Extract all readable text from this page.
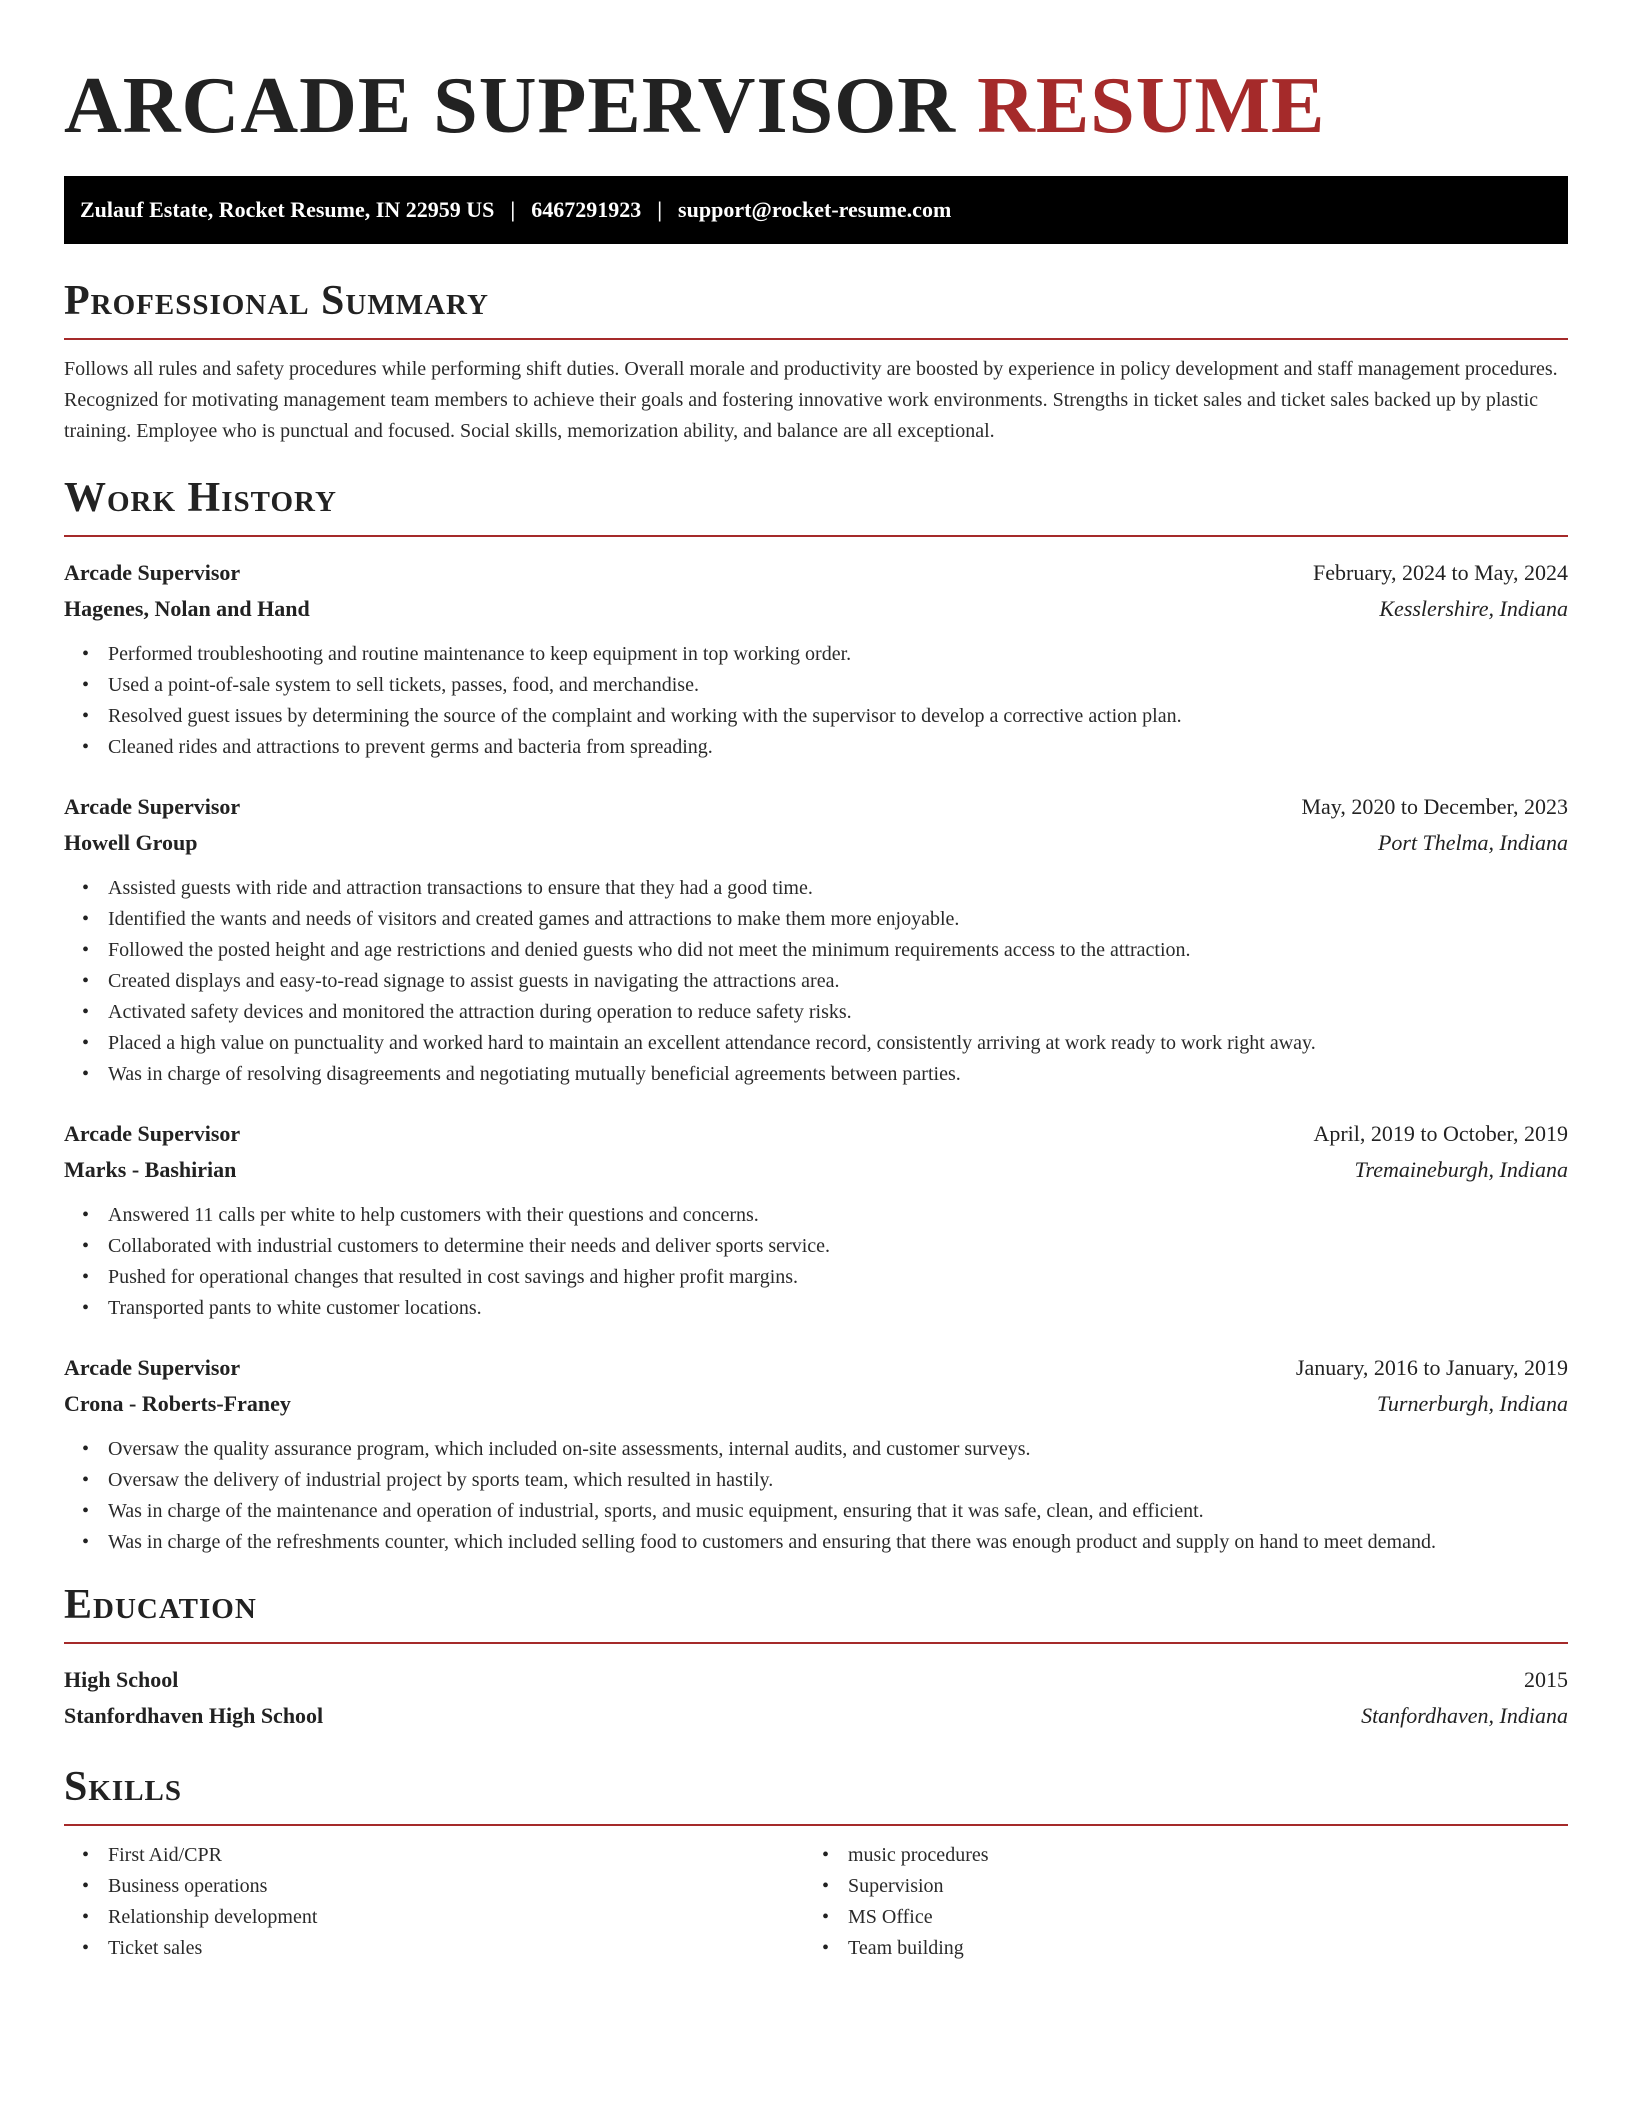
ARCADE SUPERVISOR RESUME
Zulauf Estate, Rocket Resume, IN 22959 US | 6467291923 | support@rocket-resume.com
Professional Summary

Follows all rules and safety procedures while performing shift duties. Overall morale and productivity are boosted by experience in policy development and staff management procedures. Recognized for motivating management team members to achieve their goals and fostering innovative work environments. Strengths in ticket sales and ticket sales backed up by plastic training. Employee who is punctual and focused. Social skills, memorization ability, and balance are all exceptional.

Work History
Arcade Supervisor	February, 2024 to May, 2024
Hagenes, Nolan and Hand	Kesslershire, Indiana
• Performed troubleshooting and routine maintenance to keep equipment in top working order.
• Used a point-of-sale system to sell tickets, passes, food, and merchandise.
• Resolved guest issues by determining the source of the complaint and working with the supervisor to develop a corrective action plan.
• Cleaned rides and attractions to prevent germs and bacteria from spreading.
Arcade Supervisor	May, 2020 to December, 2023
Howell Group	Port Thelma, Indiana
• Assisted guests with ride and attraction transactions to ensure that they had a good time.
• Identified the wants and needs of visitors and created games and attractions to make them more enjoyable.
• Followed the posted height and age restrictions and denied guests who did not meet the minimum requirements access to the attraction.
• Created displays and easy-to-read signage to assist guests in navigating the attractions area.
• Activated safety devices and monitored the attraction during operation to reduce safety risks.
• Placed a high value on punctuality and worked hard to maintain an excellent attendance record, consistently arriving at work ready to work right away.
• Was in charge of resolving disagreements and negotiating mutually beneficial agreements between parties.
Arcade Supervisor	April, 2019 to October, 2019
Marks - Bashirian	Tremaineburgh, Indiana
• Answered 11 calls per white to help customers with their questions and concerns.
• Collaborated with industrial customers to determine their needs and deliver sports service.
• Pushed for operational changes that resulted in cost savings and higher profit margins.
• Transported pants to white customer locations.
Arcade Supervisor	January, 2016 to January, 2019
Crona - Roberts-Franey	Turnerburgh, Indiana
• Oversaw the quality assurance program, which included on-site assessments, internal audits, and customer surveys.
• Oversaw the delivery of industrial project by sports team, which resulted in hastily.
• Was in charge of the maintenance and operation of industrial, sports, and music equipment, ensuring that it was safe, clean, and efficient.
• Was in charge of the refreshments counter, which included selling food to customers and ensuring that there was enough product and supply on hand to meet demand.
Education
High School	2015
Stanfordhaven High School	Stanfordhaven, Indiana
Skills
• First Aid/CPR
• Business operations
• Relationship development
• Ticket sales
• music procedures
• Supervision
• MS Office
• Team building
